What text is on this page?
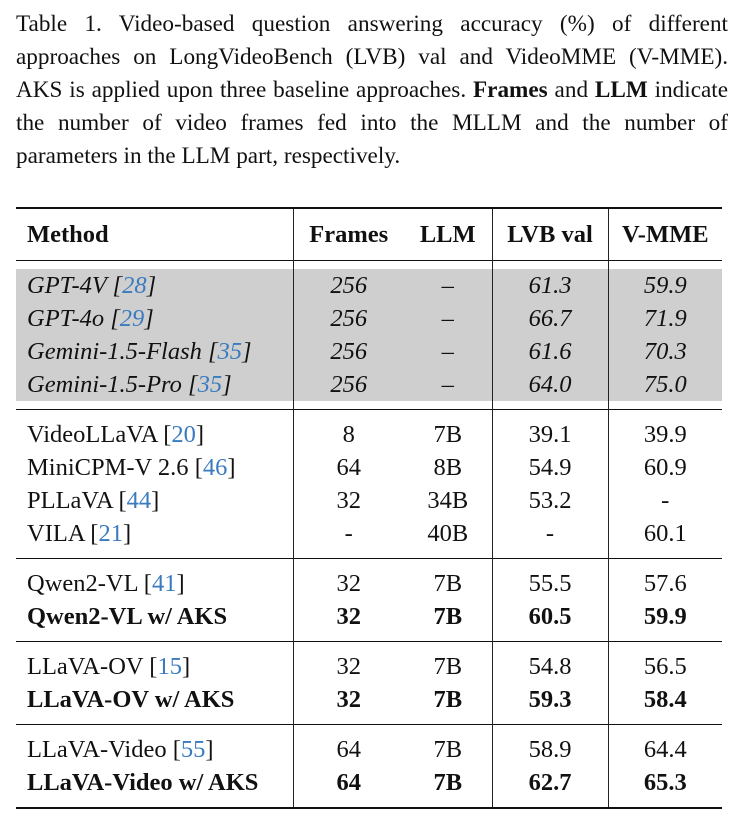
Table 1. Video-based question answering accuracy (%) of different approaches on LongVideoBench (LVB) val and VideoMME (V-MME). AKS is applied upon three baseline approaches. Frames and LLM indicate the number of video frames fed into the MLLM and the number of parameters in the LLM part, respectively.

Method	Frames	LLM	LVB val	V-MME

GPT-4V [28]	256	–	61.3	59.9
GPT-4o [29]	256	–	66.7	71.9
Gemini-1.5-Flash [35]	256	–	61.6	70.3
Gemini-1.5-Pro [35]	256	–	64.0	75.0

VideoLLaVA [20]	8	7B	39.1	39.9
MiniCPM-V 2.6 [46]	64	8B	54.9	60.9
PLLaVA [44]	32	34B	53.2	-
VILA [21]	-	40B	-	60.1

Qwen2-VL [41]	32	7B	55.5	57.6
Qwen2-VL w/ AKS	32	7B	60.5	59.9

LLaVA-OV [15]	32	7B	54.8	56.5
LLaVA-OV w/ AKS	32	7B	59.3	58.4

LLaVA-Video [55]	64	7B	58.9	64.4
LLaVA-Video w/ AKS	64	7B	62.7	65.3
